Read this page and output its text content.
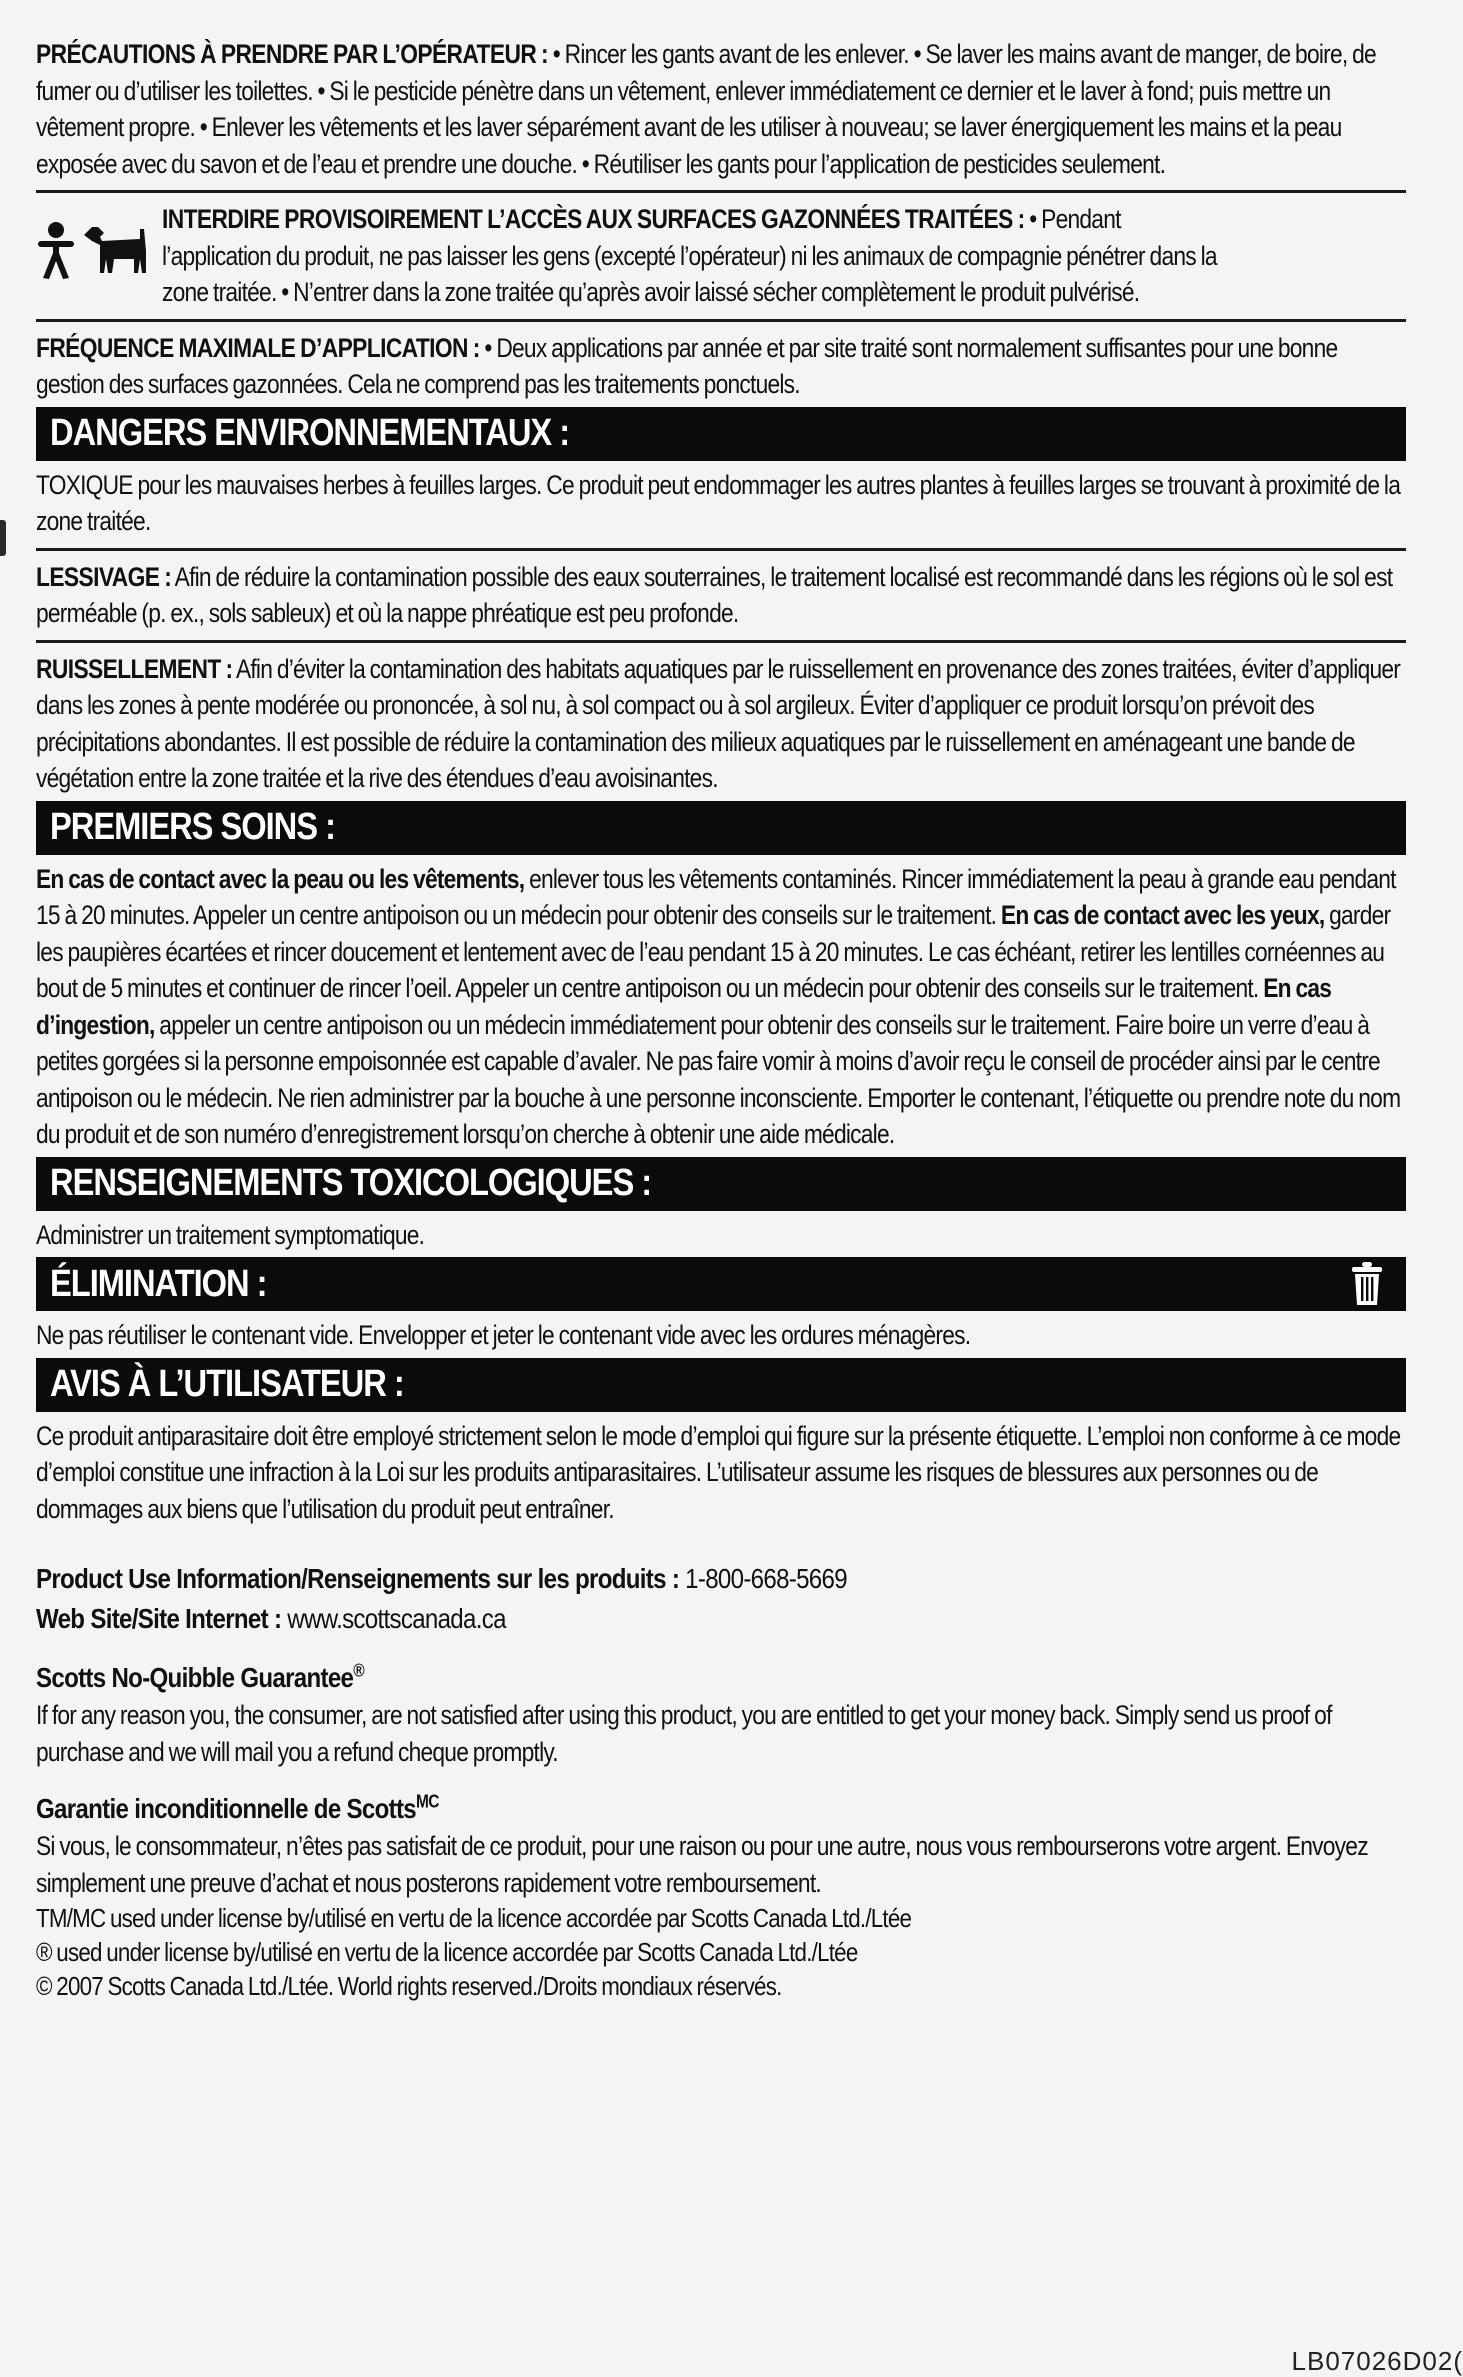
PRÉCAUTIONS À PRENDRE PAR L’OPÉRATEUR : • Rincer les gants avant de les enlever. • Se laver les mains avant de manger, de boire, de fumer ou d’utiliser les toilettes. • Si le pesticide pénètre dans un vêtement, enlever immédiatement ce dernier et le laver à fond; puis mettre un vêtement propre. • Enlever les vêtements et les laver séparément avant de les utiliser à nouveau; se laver énergiquement les mains et la peau exposée avec du savon et de l’eau et prendre une douche. • Réutiliser les gants pour l’application de pesticides seulement.

INTERDIRE PROVISOIREMENT L’ACCÈS AUX SURFACES GAZONNÉES TRAITÉES : • Pendant l’application du produit, ne pas laisser les gens (excepté l’opérateur) ni les animaux de compagnie pénétrer dans la zone traitée. • N’entrer dans la zone traitée qu’après avoir laissé sécher complètement le produit pulvérisé.

FRÉQUENCE MAXIMALE D’APPLICATION : • Deux applications par année et par site traité sont normalement suffisantes pour une bonne gestion des surfaces gazonnées. Cela ne comprend pas les traitements ponctuels.

DANGERS ENVIRONNEMENTAUX :

TOXIQUE pour les mauvaises herbes à feuilles larges. Ce produit peut endommager les autres plantes à feuilles larges se trouvant à proximité de la zone traitée.

LESSIVAGE : Afin de réduire la contamination possible des eaux souterraines, le traitement localisé est recommandé dans les régions où le sol est perméable (p. ex., sols sableux) et où la nappe phréatique est peu profonde.

RUISSELLEMENT : Afin d’éviter la contamination des habitats aquatiques par le ruissellement en provenance des zones traitées, éviter d’appliquer dans les zones à pente modérée ou prononcée, à sol nu, à sol compact ou à sol argileux. Éviter d’appliquer ce produit lorsqu’on prévoit des précipitations abondantes. Il est possible de réduire la contamination des milieux aquatiques par le ruissellement en aménageant une bande de végétation entre la zone traitée et la rive des étendues d’eau avoisinantes.

PREMIERS SOINS :

En cas de contact avec la peau ou les vêtements, enlever tous les vêtements contaminés. Rincer immédiatement la peau à grande eau pendant 15 à 20 minutes. Appeler un centre antipoison ou un médecin pour obtenir des conseils sur le traitement. En cas de contact avec les yeux, garder les paupières écartées et rincer doucement et lentement avec de l’eau pendant 15 à 20 minutes. Le cas échéant, retirer les lentilles cornéennes au bout de 5 minutes et continuer de rincer l’oeil. Appeler un centre antipoison ou un médecin pour obtenir des conseils sur le traitement. En cas d’ingestion, appeler un centre antipoison ou un médecin immédiatement pour obtenir des conseils sur le traitement. Faire boire un verre d’eau à petites gorgées si la personne empoisonnée est capable d’avaler. Ne pas faire vomir à moins d’avoir reçu le conseil de procéder ainsi par le centre antipoison ou le médecin. Ne rien administrer par la bouche à une personne inconsciente. Emporter le contenant, l’étiquette ou prendre note du nom du produit et de son numéro d’enregistrement lorsqu’on cherche à obtenir une aide médicale.

RENSEIGNEMENTS TOXICOLOGIQUES :

Administrer un traitement symptomatique.

ÉLIMINATION :

Ne pas réutiliser le contenant vide. Envelopper et jeter le contenant vide avec les ordures ménagères.

AVIS À L’UTILISATEUR :

Ce produit antiparasitaire doit être employé strictement selon le mode d’emploi qui figure sur la présente étiquette. L’emploi non conforme à ce mode d’emploi constitue une infraction à la Loi sur les produits antiparasitaires. L’utilisateur assume les risques de blessures aux personnes ou de dommages aux biens que l’utilisation du produit peut entraîner.

Product Use Information/Renseignements sur les produits : 1-800-668-5669

Web Site/Site Internet : www.scottscanada.ca

Scotts No-Quibble Guarantee®

If for any reason you, the consumer, are not satisfied after using this product, you are entitled to get your money back. Simply send us proof of purchase and we will mail you a refund cheque promptly.

Garantie inconditionnelle de Scotts$^{MC}$

Si vous, le consommateur, n’êtes pas satisfait de ce produit, pour une raison ou pour une autre, nous vous rembourserons votre argent. Envoyez simplement une preuve d’achat et nous posterons rapidement votre remboursement.

TM/MC used under license by/utilisé en vertu de la licence accordée par Scotts Canada Ltd./Ltée

® used under license by/utilisé en vertu de la licence accordée par Scotts Canada Ltd./Ltée

© 2007 Scotts Canada Ltd./Ltée. World rights reserved./Droits mondiaux réservés.

LB07026D02(
